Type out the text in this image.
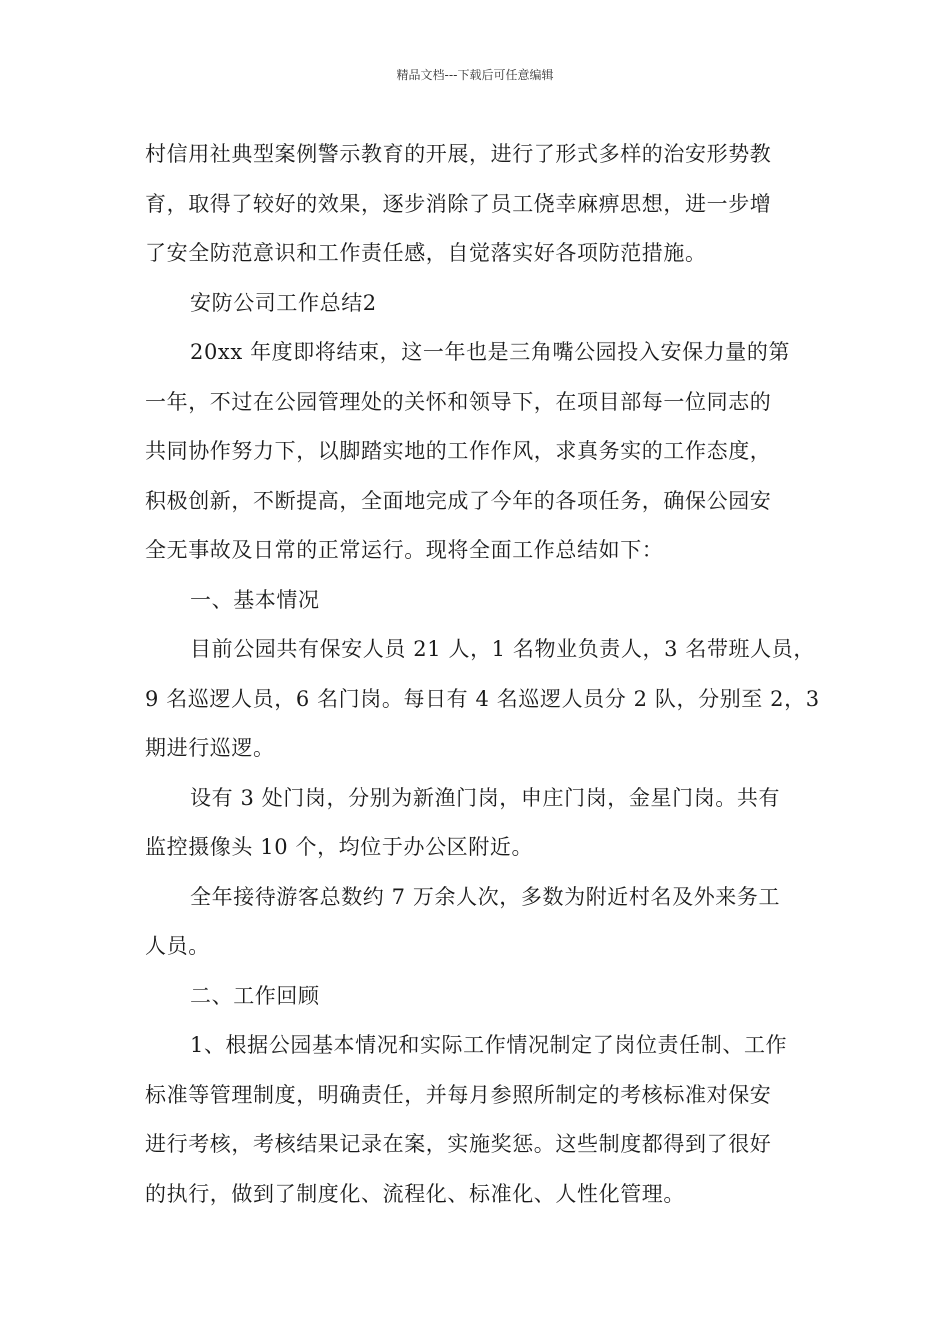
精品文档---下载后可任意编辑
村信用社典型案例警示教育的开展，进行了形式多样的治安形势教
育，取得了较好的效果，逐步消除了员工侥幸麻痹思想，进一步增
了安全防范意识和工作责任感，自觉落实好各项防范措施。
安防公司工作总结2
20xx 年度即将结束，这一年也是三角嘴公园投入安保力量的第
一年，不过在公园管理处的关怀和领导下，在项目部每一位同志的
共同协作努力下，以脚踏实地的工作作风，求真务实的工作态度，
积极创新，不断提高，全面地完成了今年的各项任务，确保公园安
全无事故及日常的正常运行。现将全面工作总结如下：
一、基本情况
目前公园共有保安人员 21 人，1 名物业负责人，3 名带班人员，
9 名巡逻人员，6 名门岗。每日有 4 名巡逻人员分 2 队，分别至 2，3
期进行巡逻。
设有 3 处门岗，分别为新渔门岗，申庄门岗，金星门岗。共有
监控摄像头 10 个，均位于办公区附近。
全年接待游客总数约 7 万余人次，多数为附近村名及外来务工
人员。
二、工作回顾
1、根据公园基本情况和实际工作情况制定了岗位责任制、工作
标准等管理制度，明确责任，并每月参照所制定的考核标准对保安
进行考核，考核结果记录在案，实施奖惩。这些制度都得到了很好
的执行，做到了制度化、流程化、标准化、人性化管理。
